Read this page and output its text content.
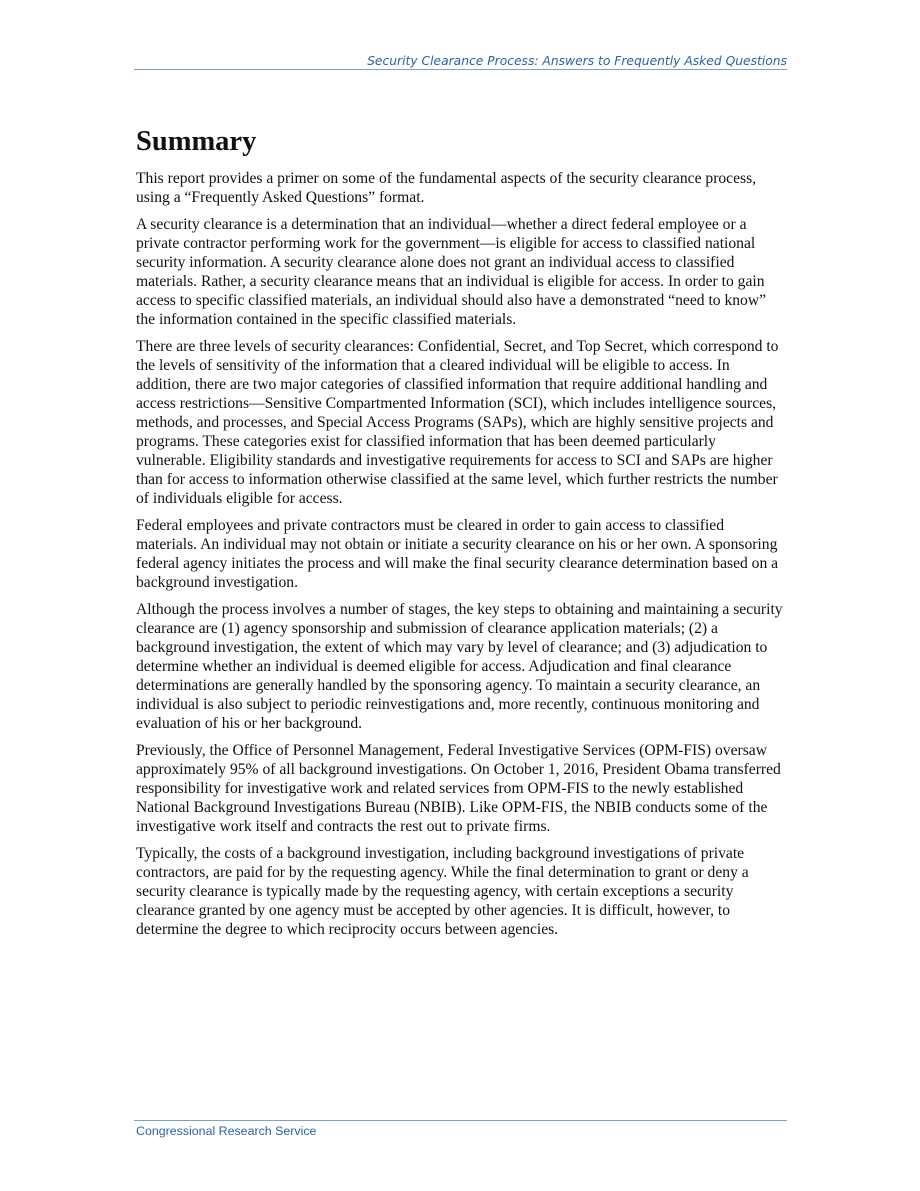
Security Clearance Process: Answers to Frequently Asked Questions
Summary

This report provides a primer on some of the fundamental aspects of the security clearance process, using a “Frequently Asked Questions” format.

A security clearance is a determination that an individual—whether a direct federal employee or a private contractor performing work for the government—is eligible for access to classified national security information. A security clearance alone does not grant an individual access to classified materials. Rather, a security clearance means that an individual is eligible for access. In order to gain access to specific classified materials, an individual should also have a demonstrated “need to know” the information contained in the specific classified materials.

There are three levels of security clearances: Confidential, Secret, and Top Secret, which correspond to the levels of sensitivity of the information that a cleared individual will be eligible to access. In addition, there are two major categories of classified information that require additional handling and access restrictions—Sensitive Compartmented Information (SCI), which includes intelligence sources, methods, and processes, and Special Access Programs (SAPs), which are highly sensitive projects and programs. These categories exist for classified information that has been deemed particularly vulnerable. Eligibility standards and investigative requirements for access to SCI and SAPs are higher than for access to information otherwise classified at the same level, which further restricts the number of individuals eligible for access.

Federal employees and private contractors must be cleared in order to gain access to classified materials. An individual may not obtain or initiate a security clearance on his or her own. A sponsoring federal agency initiates the process and will make the final security clearance determination based on a background investigation.

Although the process involves a number of stages, the key steps to obtaining and maintaining a security clearance are (1) agency sponsorship and submission of clearance application materials; (2) a background investigation, the extent of which may vary by level of clearance; and (3) adjudication to determine whether an individual is deemed eligible for access. Adjudication and final clearance determinations are generally handled by the sponsoring agency. To maintain a security clearance, an individual is also subject to periodic reinvestigations and, more recently, continuous monitoring and evaluation of his or her background.

Previously, the Office of Personnel Management, Federal Investigative Services (OPM-FIS) oversaw approximately 95% of all background investigations. On October 1, 2016, President Obama transferred responsibility for investigative work and related services from OPM-FIS to the newly established National Background Investigations Bureau (NBIB). Like OPM-FIS, the NBIB conducts some of the investigative work itself and contracts the rest out to private firms.

Typically, the costs of a background investigation, including background investigations of private contractors, are paid for by the requesting agency. While the final determination to grant or deny a security clearance is typically made by the requesting agency, with certain exceptions a security clearance granted by one agency must be accepted by other agencies. It is difficult, however, to determine the degree to which reciprocity occurs between agencies.

Congressional Research Service
